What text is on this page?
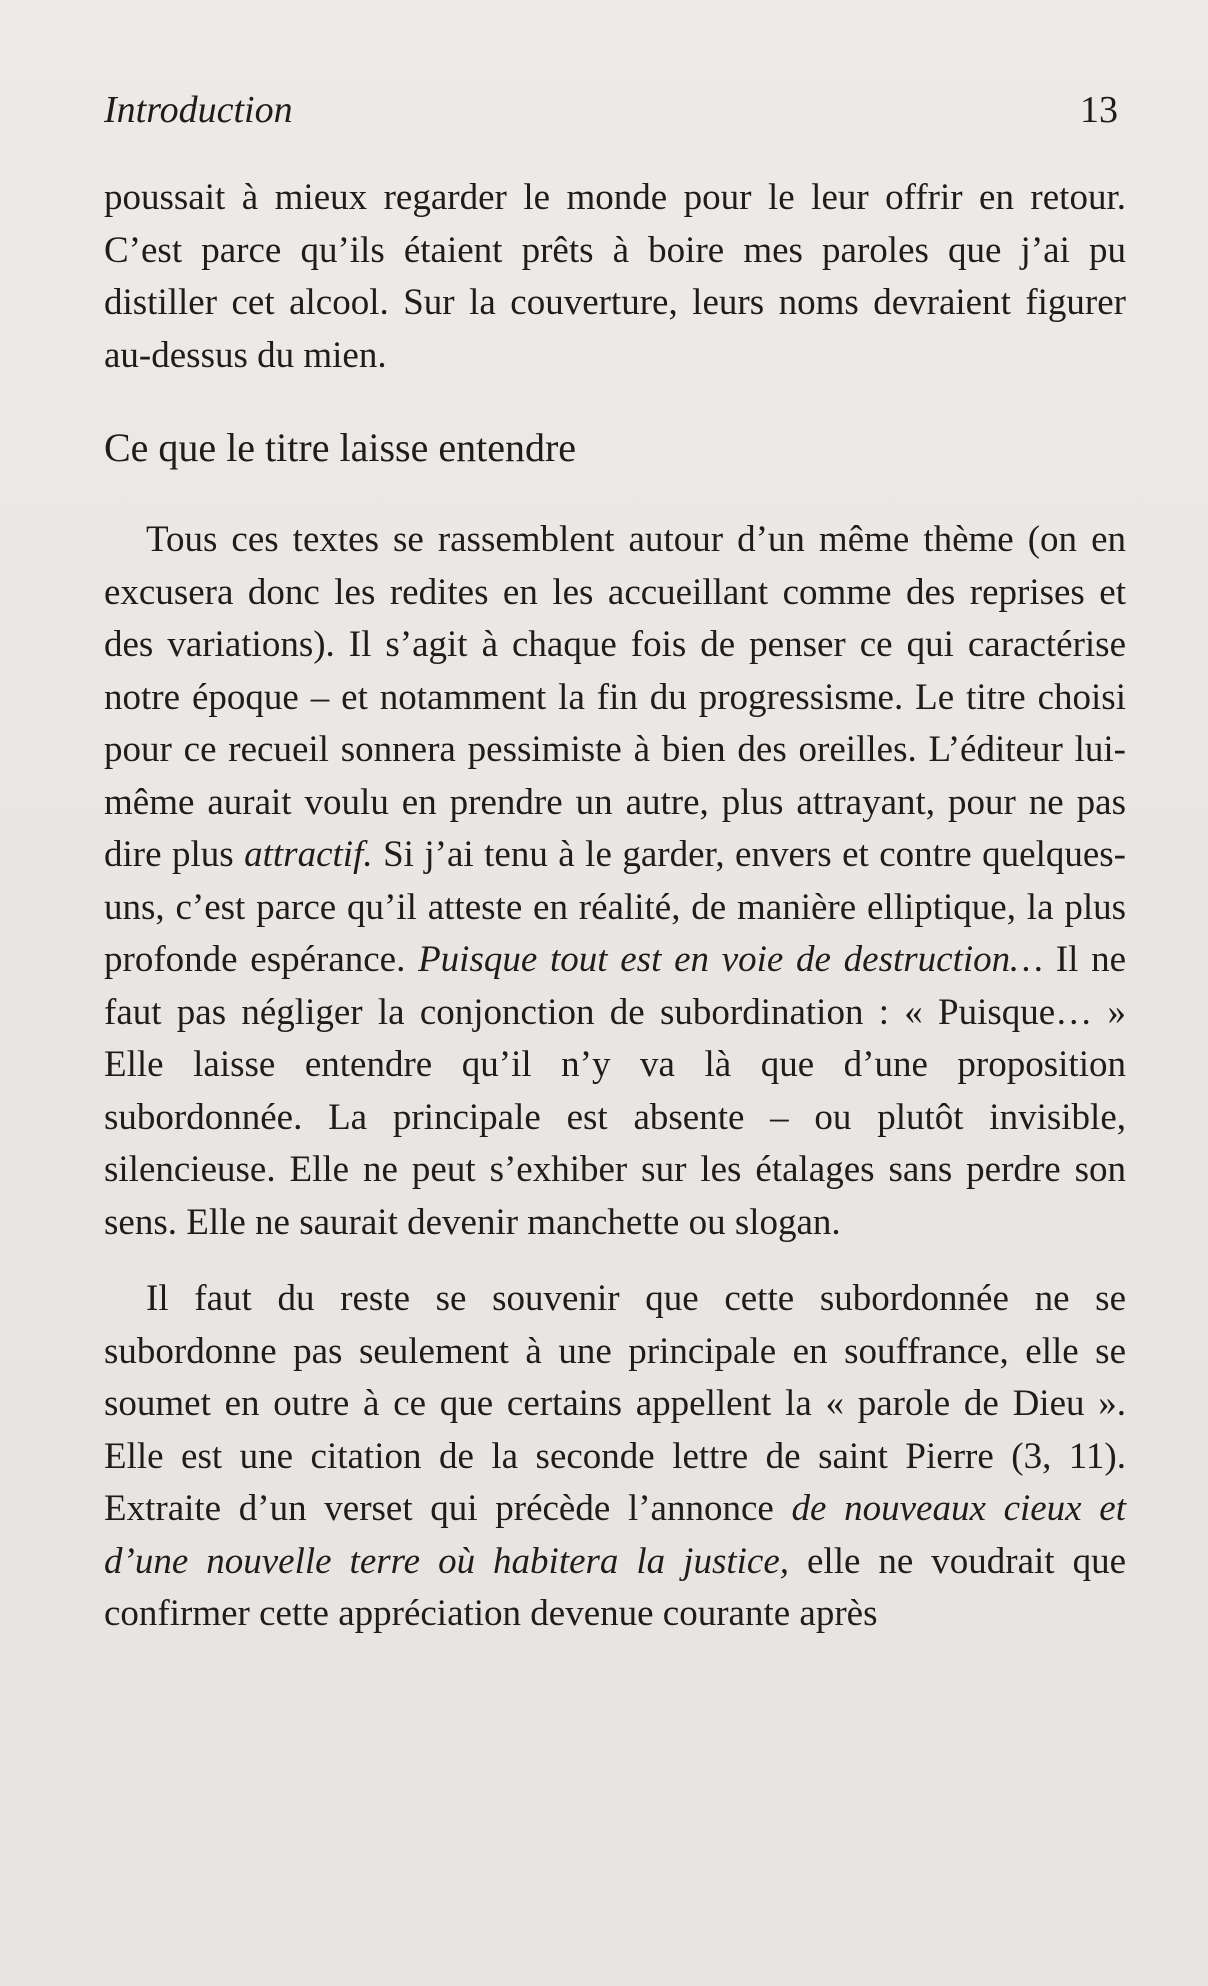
Introduction	13

poussait à mieux regarder le monde pour le leur offrir en retour. C’est parce qu’ils étaient prêts à boire mes paroles que j’ai pu distiller cet alcool. Sur la couverture, leurs noms devraient figurer au-dessus du mien.

Ce que le titre laisse entendre

Tous ces textes se rassemblent autour d’un même thème (on en excusera donc les redites en les accueillant comme des reprises et des variations). Il s’agit à chaque fois de penser ce qui caractérise notre époque – et notamment la fin du progressisme. Le titre choisi pour ce recueil sonnera pessimiste à bien des oreilles. L’éditeur lui-même aurait voulu en prendre un autre, plus attrayant, pour ne pas dire plus attractif. Si j’ai tenu à le garder, envers et contre quelques-uns, c’est parce qu’il atteste en réalité, de manière elliptique, la plus profonde espérance. Puisque tout est en voie de destruction… Il ne faut pas négliger la conjonction de subordination : « Puisque… » Elle laisse entendre qu’il n’y va là que d’une proposition subordonnée. La principale est absente – ou plutôt invisible, silencieuse. Elle ne peut s’exhiber sur les étalages sans perdre son sens. Elle ne saurait devenir manchette ou slogan.

Il faut du reste se souvenir que cette subordonnée ne se subordonne pas seulement à une principale en souffrance, elle se soumet en outre à ce que certains appellent la « parole de Dieu ». Elle est une citation de la seconde lettre de saint Pierre (3, 11). Extraite d’un verset qui précède l’annonce de nouveaux cieux et d’une nouvelle terre où habitera la justice, elle ne voudrait que confirmer cette appréciation devenue courante après
